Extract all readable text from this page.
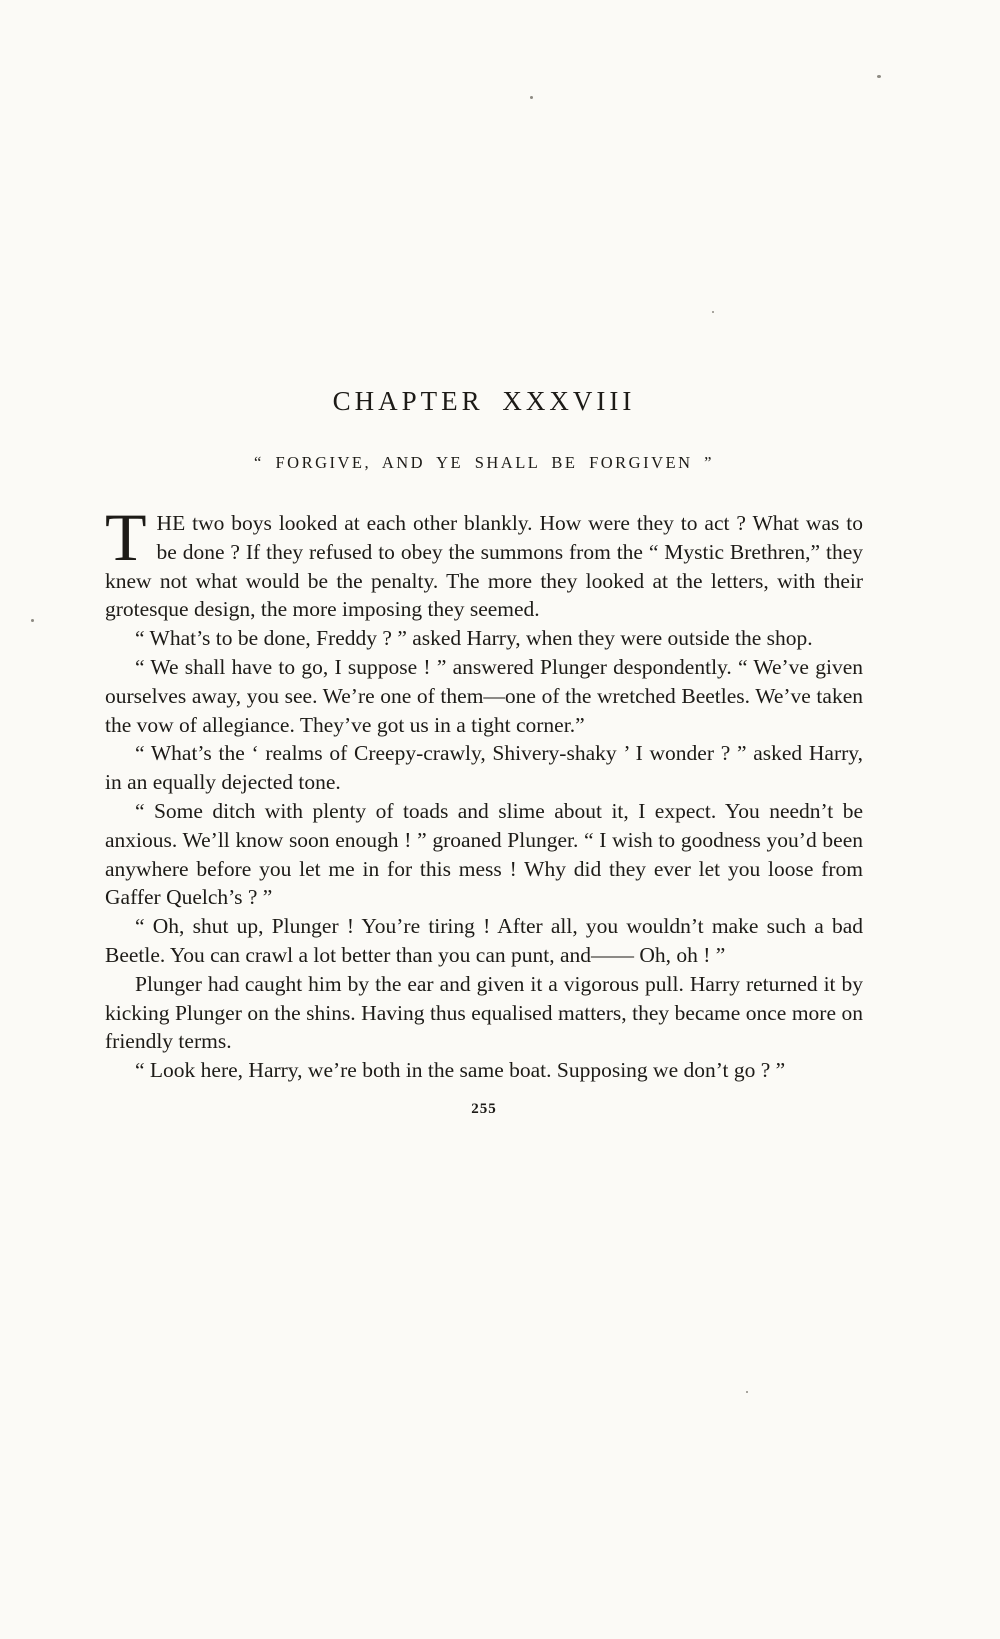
CHAPTER XXXVIII
“ FORGIVE, AND YE SHALL BE FORGIVEN ”

THE two boys looked at each other blankly. How were they to act ? What was to be done ? If they refused to obey the summons from the “ Mystic Brethren,” they knew not what would be the penalty. The more they looked at the letters, with their grotesque design, the more imposing they seemed.

“ What’s to be done, Freddy ? ” asked Harry, when they were outside the shop.

“ We shall have to go, I suppose ! ” answered Plunger despondently. “ We’ve given ourselves away, you see. We’re one of them—one of the wretched Beetles. We’ve taken the vow of allegiance. They’ve got us in a tight corner.”

“ What’s the ‘ realms of Creepy-crawly, Shivery-shaky ’ I wonder ? ” asked Harry, in an equally dejected tone.

“ Some ditch with plenty of toads and slime about it, I expect. You needn’t be anxious. We’ll know soon enough ! ” groaned Plunger. “ I wish to goodness you’d been anywhere before you let me in for this mess ! Why did they ever let you loose from Gaffer Quelch’s ? ”

“ Oh, shut up, Plunger ! You’re tiring ! After all, you wouldn’t make such a bad Beetle. You can crawl a lot better than you can punt, and—— Oh, oh ! ”

Plunger had caught him by the ear and given it a vigorous pull. Harry returned it by kicking Plunger on the shins. Having thus equalised matters, they became once more on friendly terms.

“ Look here, Harry, we’re both in the same boat. Supposing we don’t go ? ”

255
